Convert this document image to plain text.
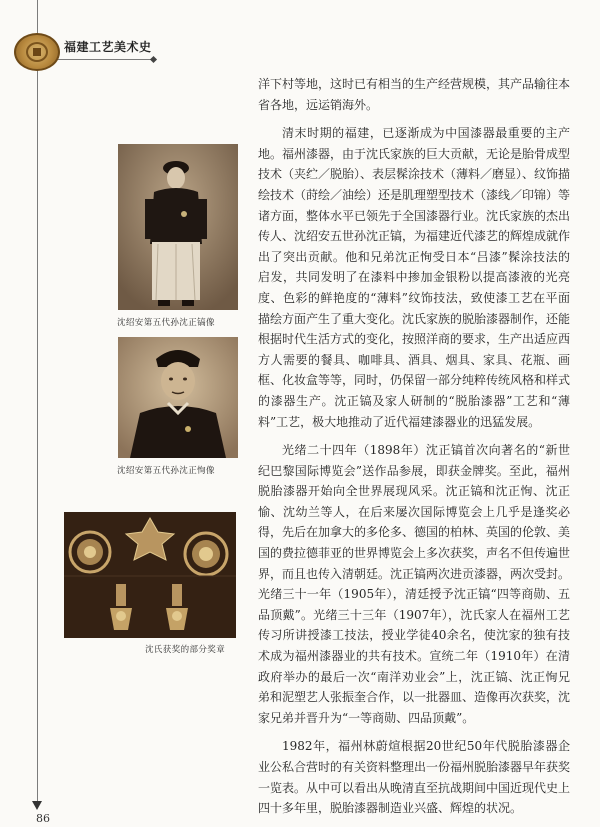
福建工艺美术史
沈绍安第五代孙沈正镐像
沈绍安第五代孙沈正恂像
沈氏获奖的部分奖章

洋下村等地，这时已有相当的生产经营规模，其产品输往本省各地，远运销海外。

清末时期的福建，已逐渐成为中国漆器最重要的主产地。福州漆器，由于沈氏家族的巨大贡献，无论是胎骨成型技术（夹纻／脱胎）、表层髹涂技术（薄料／磨显）、纹饰描绘技术（莳绘／油绘）还是肌理塑型技术（漆线／印锦）等诸方面，整体水平已领先于全国漆器行业。沈氏家族的杰出传人、沈绍安五世孙沈正镐，为福建近代漆艺的辉煌成就作出了突出贡献。他和兄弟沈正恂受日本“吕漆”髹涂技法的启发，共同发明了在漆料中掺加金银粉以提高漆液的光亮度、色彩的鲜艳度的“薄料”纹饰技法，致使漆工艺在平面描绘方面产生了重大变化。沈氏家族的脱胎漆器制作，还能根据时代生活方式的变化，按照洋商的要求，生产出适应西方人需要的餐具、咖啡具、酒具、烟具、家具、花瓶、画框、化妆盒等等，同时，仍保留一部分纯粹传统风格和样式的漆器生产。沈正镐及家人研制的“脱胎漆器”工艺和“薄料”工艺，极大地推动了近代福建漆器业的迅猛发展。

光绪二十四年（1898年）沈正镐首次向著名的“新世纪巴黎国际博览会”送作品参展，即获金牌奖。至此，福州脱胎漆器开始向全世界展现风采。沈正镐和沈正恂、沈正愉、沈幼兰等人，在后来屡次国际博览会上几乎是逢奖必得，先后在加拿大的多伦多、德国的柏林、英国的伦敦、美国的费拉德菲亚的世界博览会上多次获奖，声名不但传遍世界，而且也传入清朝廷。沈正镐两次进贡漆器，两次受封。光绪三十一年（1905年），清廷授予沈正镐“四等商勋、五品顶戴”。光绪三十三年（1907年），沈氏家人在福州工艺传习所讲授漆工技法，授业学徒40余名，使沈家的独有技术成为福州漆器业的共有技术。宣统二年（1910年）在清政府举办的最后一次“南洋劝业会”上，沈正镐、沈正恂兄弟和泥塑艺人张振奎合作，以一批器皿、造像再次获奖，沈家兄弟并晋升为“一等商勋、四品顶戴”。

1982年，福州林蔚煊根据20世纪50年代脱胎漆器企业公私合营时的有关资料整理出一份福州脱胎漆器早年获奖一览表。从中可以看出从晚清直至抗战期间中国近现代史上四十多年里，脱胎漆器制造业兴盛、辉煌的状况。

86
